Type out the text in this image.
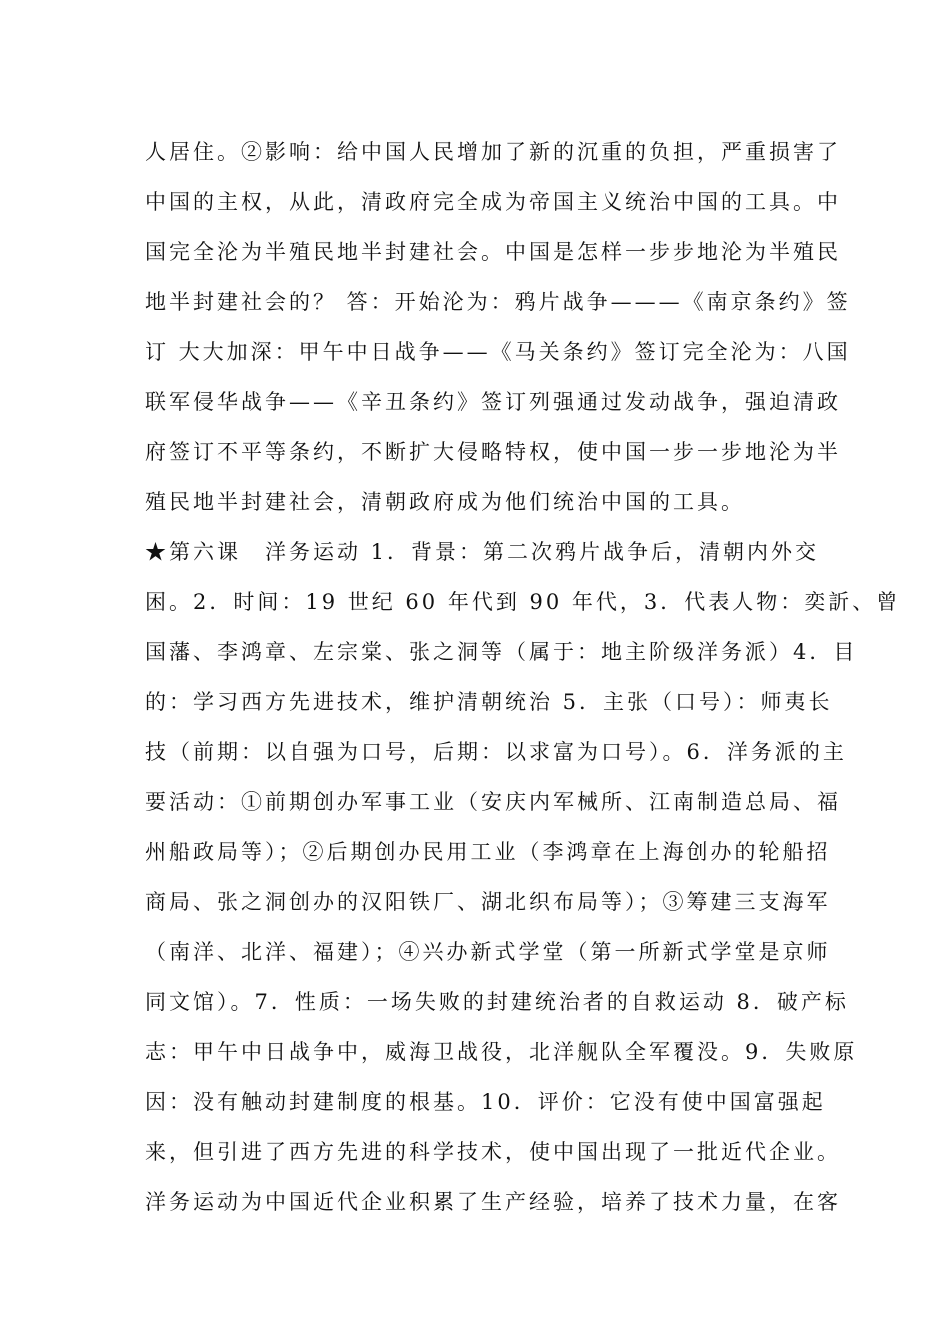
人居住。②影响：给中国人民增加了新的沉重的负担，严重损害了
中国的主权，从此，清政府完全成为帝国主义统治中国的工具。中
国完全沦为半殖民地半封建社会。中国是怎样一步步地沦为半殖民
地半封建社会的？ 答：开始沦为：鸦片战争———《南京条约》签
订 大大加深：甲午中日战争——《马关条约》签订完全沦为：八国
联军侵华战争——《辛丑条约》签订列强通过发动战争，强迫清政
府签订不平等条约，不断扩大侵略特权，使中国一步一步地沦为半
殖民地半封建社会，清朝政府成为他们统治中国的工具。
★第六课　洋务运动 1．背景：第二次鸦片战争后，清朝内外交
困。2．时间：19 世纪 60 年代到 90 年代，3．代表人物：奕訢、曾
国藩、李鸿章、左宗棠、张之洞等（属于：地主阶级洋务派）4．目
的：学习西方先进技术，维护清朝统治 5．主张（口号）：师夷长
技（前期：以自强为口号，后期：以求富为口号）。6．洋务派的主
要活动：①前期创办军事工业（安庆内军械所、江南制造总局、福
州船政局等）；②后期创办民用工业（李鸿章在上海创办的轮船招
商局、张之洞创办的汉阳铁厂、湖北织布局等）；③筹建三支海军
（南洋、北洋、福建）；④兴办新式学堂（第一所新式学堂是京师
同文馆）。7．性质：一场失败的封建统治者的自救运动 8．破产标
志：甲午中日战争中，威海卫战役，北洋舰队全军覆没。9．失败原
因：没有触动封建制度的根基。10．评价：它没有使中国富强起
来，但引进了西方先进的科学技术，使中国出现了一批近代企业。
洋务运动为中国近代企业积累了生产经验，培养了技术力量，在客
